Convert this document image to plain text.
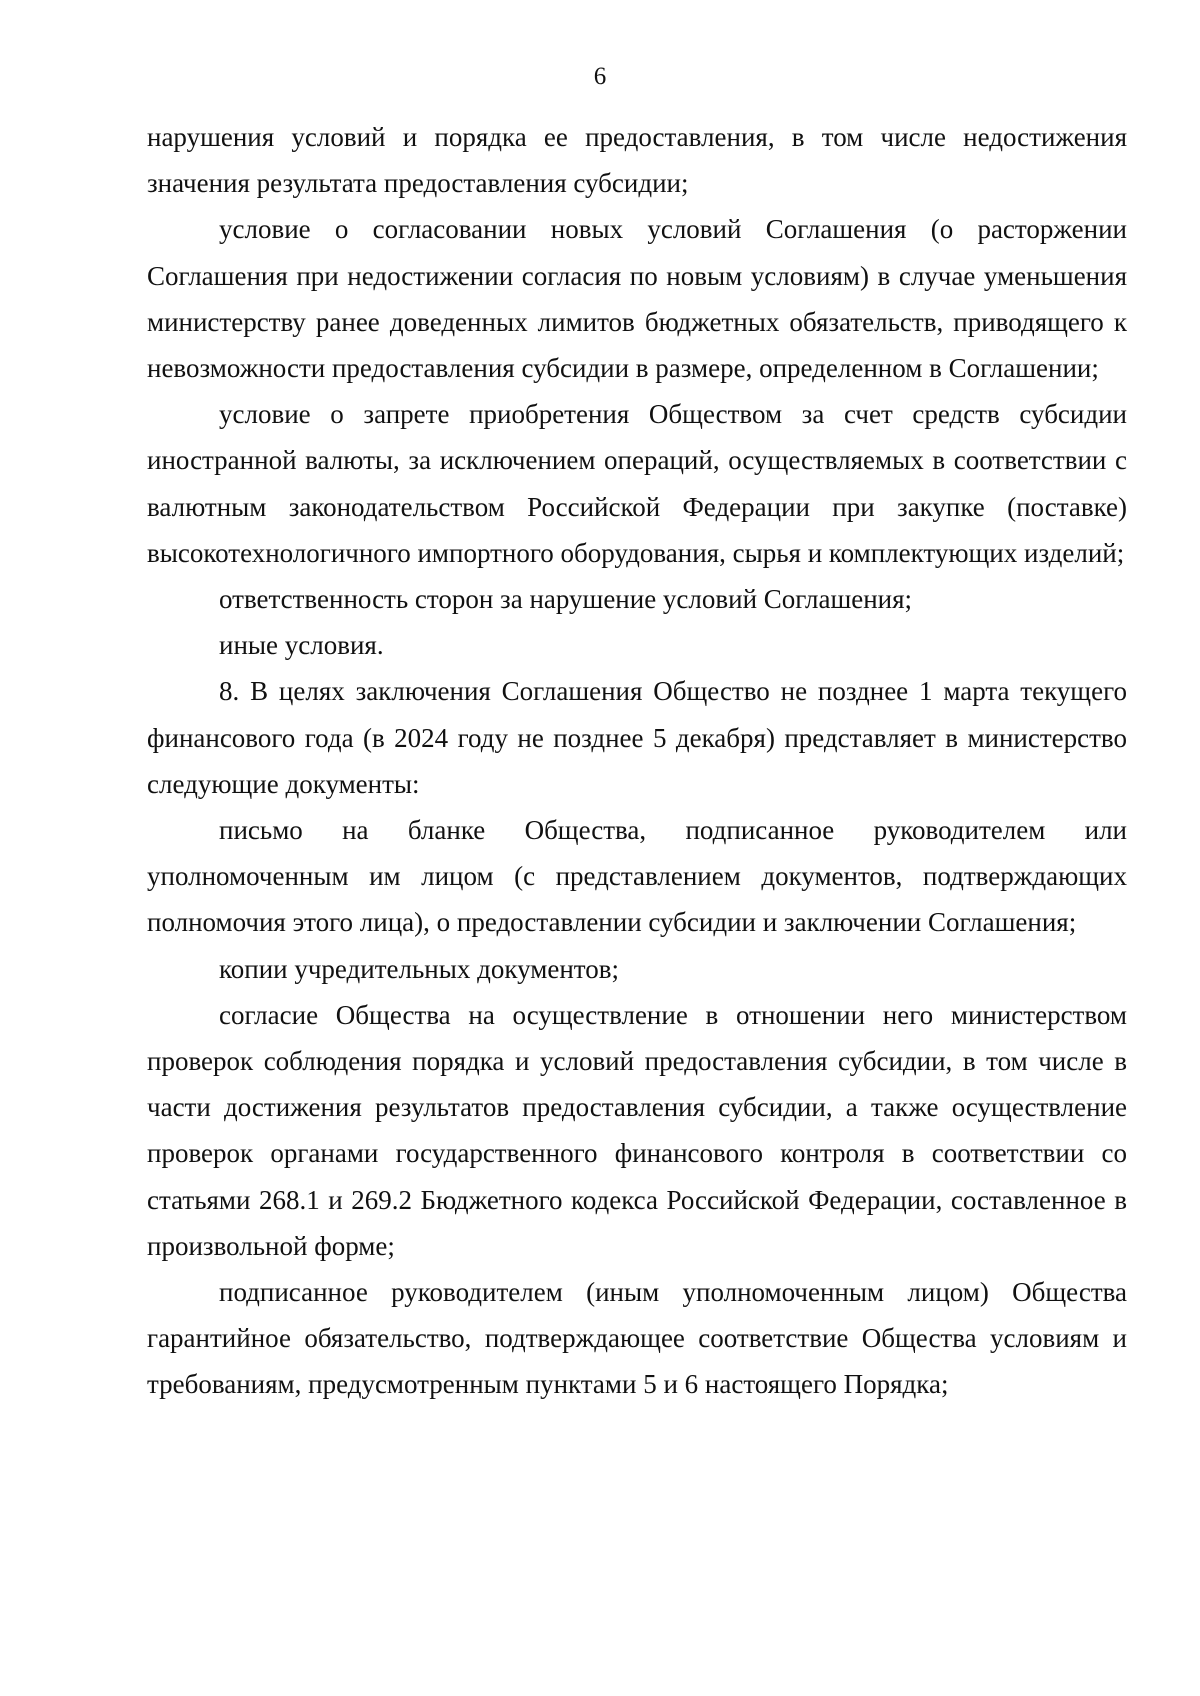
6

нарушения условий и порядка ее предоставления, в том числе недостижения значения результата предоставления субсидии;

условие о согласовании новых условий Соглашения (о расторжении Соглашения при недостижении согласия по новым условиям) в случае уменьшения министерству ранее доведенных лимитов бюджетных обязательств, приводящего к невозможности предоставления субсидии в размере, определенном в Соглашении;

условие о запрете приобретения Обществом за счет средств субсидии иностранной валюты, за исключением операций, осуществляемых в соответствии с валютным законодательством Российской Федерации при закупке (поставке) высокотехнологичного импортного оборудования, сырья и комплектующих изделий;

ответственность сторон за нарушение условий Соглашения;

иные условия.

8. В целях заключения Соглашения Общество не позднее 1 марта текущего финансового года (в 2024 году не позднее 5 декабря) представляет в министерство следующие документы:

письмо на бланке Общества, подписанное руководителем или уполномоченным им лицом (с представлением документов, подтверждающих полномочия этого лица), о предоставлении субсидии и заключении Соглашения;

копии учредительных документов;

согласие Общества на осуществление в отношении него министерством проверок соблюдения порядка и условий предоставления субсидии, в том числе в части достижения результатов предоставления субсидии, а также осуществление проверок органами государственного финансового контроля в соответствии со статьями 268.1 и 269.2 Бюджетного кодекса Российской Федерации, составленное в произвольной форме;

подписанное руководителем (иным уполномоченным лицом) Общества гарантийное обязательство, подтверждающее соответствие Общества условиям и требованиям, предусмотренным пунктами 5 и 6 настоящего Порядка;
